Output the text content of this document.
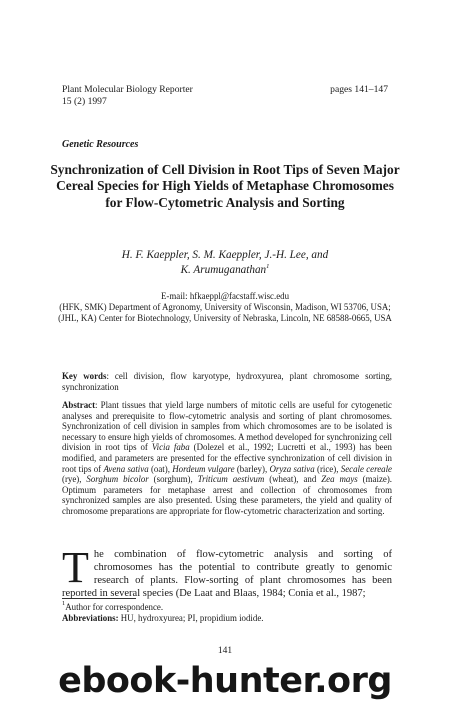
Plant Molecular Biology Reporter
15 (2) 1997
pages 141–147
Genetic Resources
Synchronization of Cell Division in Root Tips of Seven Major Cereal Species for High Yields of Metaphase Chromosomes for Flow-Cytometric Analysis and Sorting
H. F. Kaeppler, S. M. Kaeppler, J.-H. Lee, and
K. Arumuganathan$^1$
E-mail: hfkaeppl@facstaff.wisc.edu
(HFK, SMK) Department of Agronomy, University of Wisconsin, Madison, WI 53706, USA;
(JHL, KA) Center for Biotechnology, University of Nebraska, Lincoln, NE 68588-0665, USA
Key words: cell division, flow karyotype, hydroxyurea, plant chromosome sorting, synchronization
Abstract: Plant tissues that yield large numbers of mitotic cells are useful for cytogenetic analyses and prerequisite to flow-cytometric analysis and sorting of plant chromosomes. Synchronization of cell division in samples from which chromosomes are to be isolated is necessary to ensure high yields of chromosomes. A method developed for synchronizing cell division in root tips of Vicia faba (Dolezel et al., 1992; Lucretti et al., 1993) has been modified, and parameters are presented for the effective synchronization of cell division in root tips of Avena sativa (oat), Hordeum vulgare (barley), Oryza sativa (rice), Secale cereale (rye), Sorghum bicolor (sorghum), Triticum aestivum (wheat), and Zea mays (maize). Optimum parameters for metaphase arrest and collection of chromosomes from synchronized samples are also presented. Using these parameters, the yield and quality of chromosome preparations are appropriate for flow-cytometric characterization and sorting.
The combination of flow-cytometric analysis and sorting of chromosomes has the potential to contribute greatly to genomic research of plants. Flow-sorting of plant chromosomes has been reported in several species (De Laat and Blaas, 1984; Conia et al., 1987;
$^1$Author for correspondence.
Abbreviations: HU, hydroxyurea; PI, propidium iodide.
141
ebook-hunter.org
